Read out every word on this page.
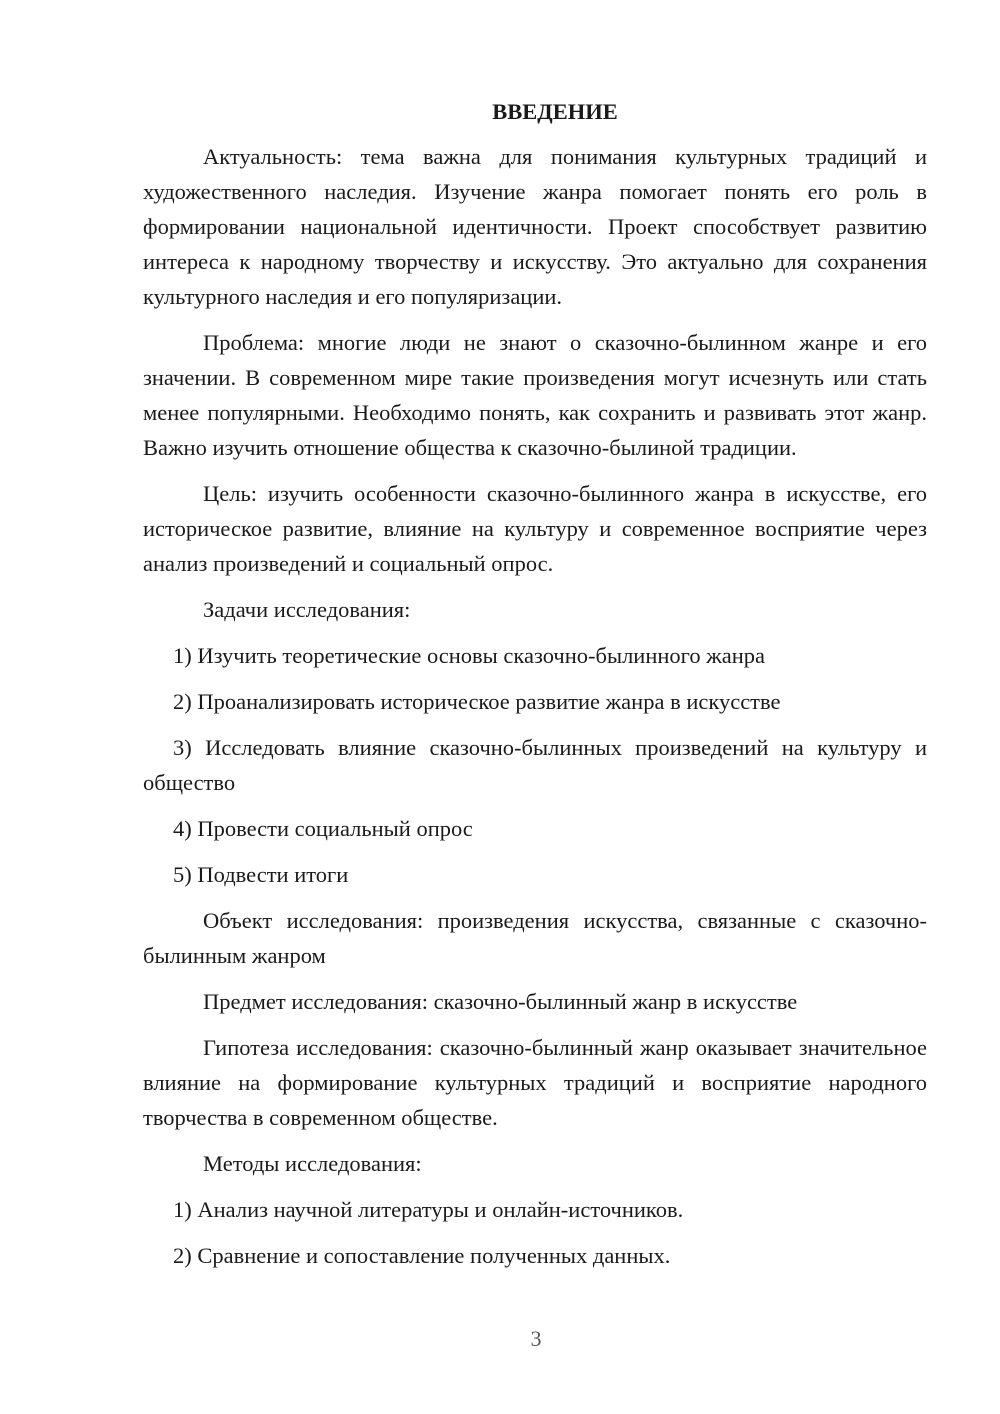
ВВЕДЕНИЕ

Актуальность: тема важна для понимания культурных традиций и художественного наследия. Изучение жанра помогает понять его роль в формировании национальной идентичности. Проект способствует развитию интереса к народному творчеству и искусству. Это актуально для сохранения культурного наследия и его популяризации.

Проблема: многие люди не знают о сказочно-былинном жанре и его значении. В современном мире такие произведения могут исчезнуть или стать менее популярными. Необходимо понять, как сохранить и развивать этот жанр. Важно изучить отношение общества к сказочно-былиной традиции.

Цель: изучить особенности сказочно-былинного жанра в искусстве, его историческое развитие, влияние на культуру и современное восприятие через анализ произведений и социальный опрос.

Задачи исследования:

1) Изучить теоретические основы сказочно-былинного жанра

2) Проанализировать историческое развитие жанра в искусстве

3) Исследовать влияние сказочно-былинных произведений на культуру и общество

4) Провести социальный опрос

5) Подвести итоги

Объект исследования: произведения искусства, связанные с сказочно-былинным жанром

Предмет исследования: сказочно-былинный жанр в искусстве

Гипотеза исследования: сказочно-былинный жанр оказывает значительное влияние на формирование культурных традиций и восприятие народного творчества в современном обществе.

Методы исследования:

1) Анализ научной литературы и онлайн-источников.

2) Сравнение и сопоставление полученных данных.

3
